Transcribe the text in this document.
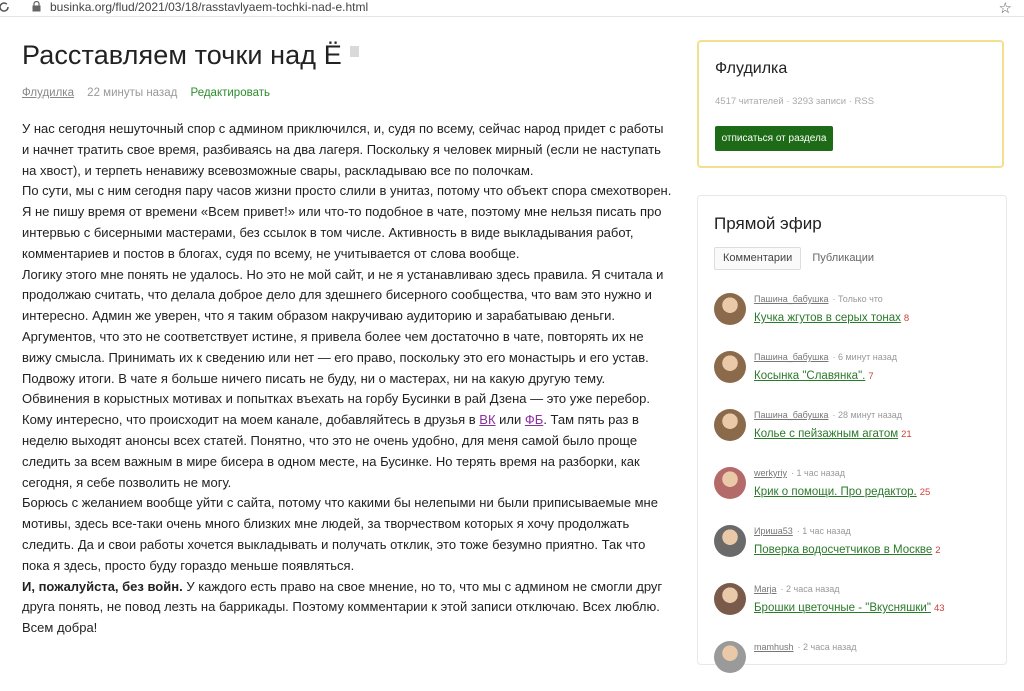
businka.org/flud/2021/03/18/rasstavlyaem-tochki-nad-e.html	☆
Расставляем точки над Ё
Флудилка 22 минуты назад Редактировать

У нас сегодня нешуточный спор с админом приключился, и, судя по всему, сейчас народ придет с работы и начнет тратить свое время, разбиваясь на два лагеря. Поскольку я человек мирный (если не наступать на хвост), и терпеть ненавижу всевозможные свары, раскладываю все по полочкам.

По сути, мы с ним сегодня пару часов жизни просто слили в унитаз, потому что объект спора смехотворен. Я не пишу время от времени «Всем привет!» или что-то подобное в чате, поэтому мне нельзя писать про интервью с бисерными мастерами, без ссылок в том числе. Активность в виде выкладывания работ, комментариев и постов в блогах, судя по всему, не учитывается от слова вообще.

Логику этого мне понять не удалось. Но это не мой сайт, и не я устанавливаю здесь правила. Я считала и продолжаю считать, что делала доброе дело для здешнего бисерного сообщества, что вам это нужно и интересно. Админ же уверен, что я таким образом накручиваю аудиторию и зарабатываю деньги. Аргументов, что это не соответствует истине, я привела более чем достаточно в чате, повторять их не вижу смысла. Принимать их к сведению или нет — его право, поскольку это его монастырь и его устав.

Подвожу итоги. В чате я больше ничего писать не буду, ни о мастерах, ни на какую другую тему. Обвинения в корыстных мотивах и попытках въехать на горбу Бусинки в рай Дзена — это уже перебор.

Кому интересно, что происходит на моем канале, добавляйтесь в друзья в ВК или ФБ. Там пять раз в неделю выходят анонсы всех статей. Понятно, что это не очень удобно, для меня самой было проще следить за всем важным в мире бисера в одном месте, на Бусинке. Но терять время на разборки, как сегодня, я себе позволить не могу.

Борюсь с желанием вообще уйти с сайта, потому что какими бы нелепыми ни были приписываемые мне мотивы, здесь все-таки очень много близких мне людей, за творчеством которых я хочу продолжать следить. Да и свои работы хочется выкладывать и получать отклик, это тоже безумно приятно. Так что пока я здесь, просто буду гораздо меньше появляться.

И, пожалуйста, без войн. У каждого есть право на свое мнение, но то, что мы с админом не смогли друг друга понять, не повод лезть на баррикады. Поэтому комментарии к этой записи отключаю. Всех люблю. Всем добра!

Флудилка
4517 читателей · 3293 записи · RSS
отписаться от раздела
Прямой эфир
Комментарии Публикации
Пашина_бабушка · Только что
Кучка жгутов в серых тонах 8
Пашина_бабушка · 6 минут назад
Косынка "Славянка". 7
Пашина_бабушка · 28 минут назад
Колье с пейзажным агатом 21
werkyriy · 1 час назад
Крик о помощи. Про редактор. 25
Ириша53 · 1 час назад
Поверка водосчетчиков в Москве 2
Marja · 2 часа назад
Брошки цветочные - "Вкусняшки" 43
mamhush · 2 часа назад
